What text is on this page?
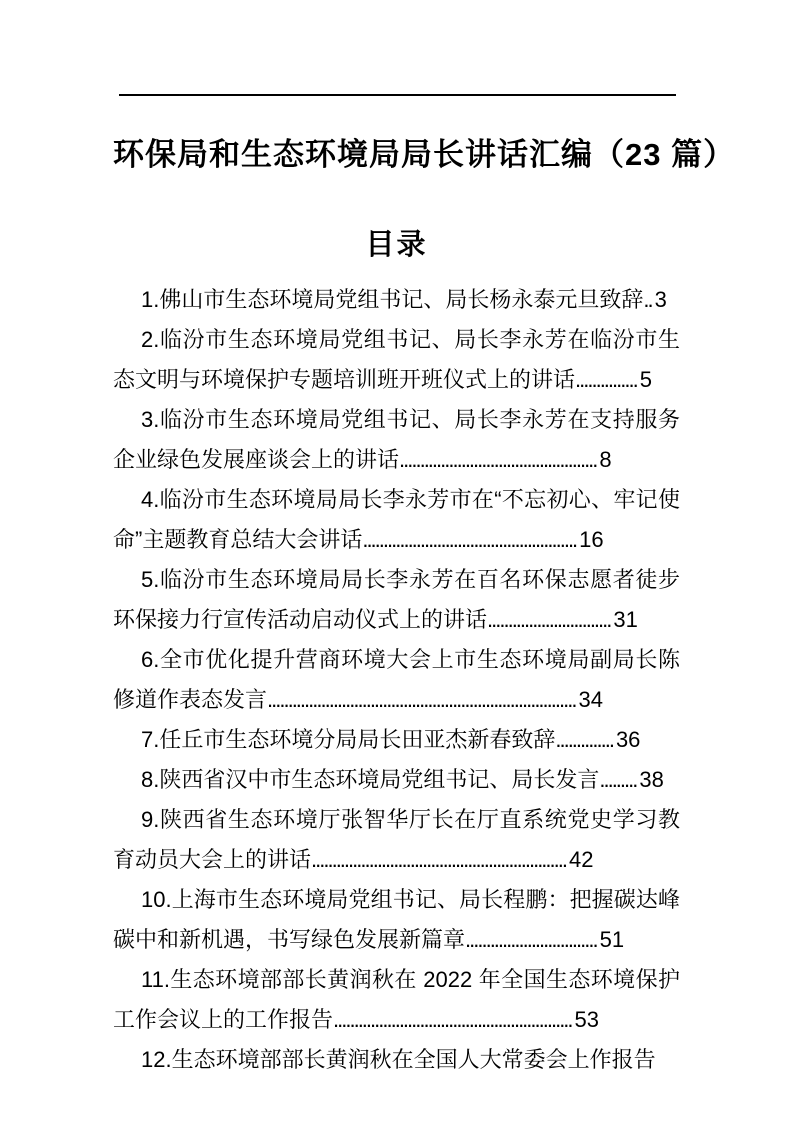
环保局和生态环境局局长讲话汇编（23 篇）
目录

1.佛山市生态环境局党组书记、局长杨永泰元旦致辞.. 3

2.临汾市生态环境局党组书记、局长李永芳在临汾市生态文明与环境保护专题培训班开班仪式上的讲话............... 5

3.临汾市生态环境局党组书记、局长李永芳在支持服务企业绿色发展座谈会上的讲话................................................ 8

4.临汾市生态环境局局长李永芳市在“不忘初心、牢记使命”主题教育总结大会讲话.................................................... 16

5.临汾市生态环境局局长李永芳在百名环保志愿者徒步环保接力行宣传活动启动仪式上的讲话.............................. 31

6.全市优化提升营商环境大会上市生态环境局副局长陈修道作表态发言........................................................................... 34

7.任丘市生态环境分局局长田亚杰新春致辞.............. 36

8.陕西省汉中市生态环境局党组书记、局长发言......... 38

9.陕西省生态环境厅张智华厅长在厅直系统党史学习教育动员大会上的讲话.............................................................. 42

10.上海市生态环境局党组书记、局长程鹏：把握碳达峰碳中和新机遇，书写绿色发展新篇章................................ 51

11.生态环境部部长黄润秋在 2022 年全国生态环境保护工作会议上的工作报告.......................................................... 53

12.生态环境部部长黄润秋在全国人大常委会上作报告
